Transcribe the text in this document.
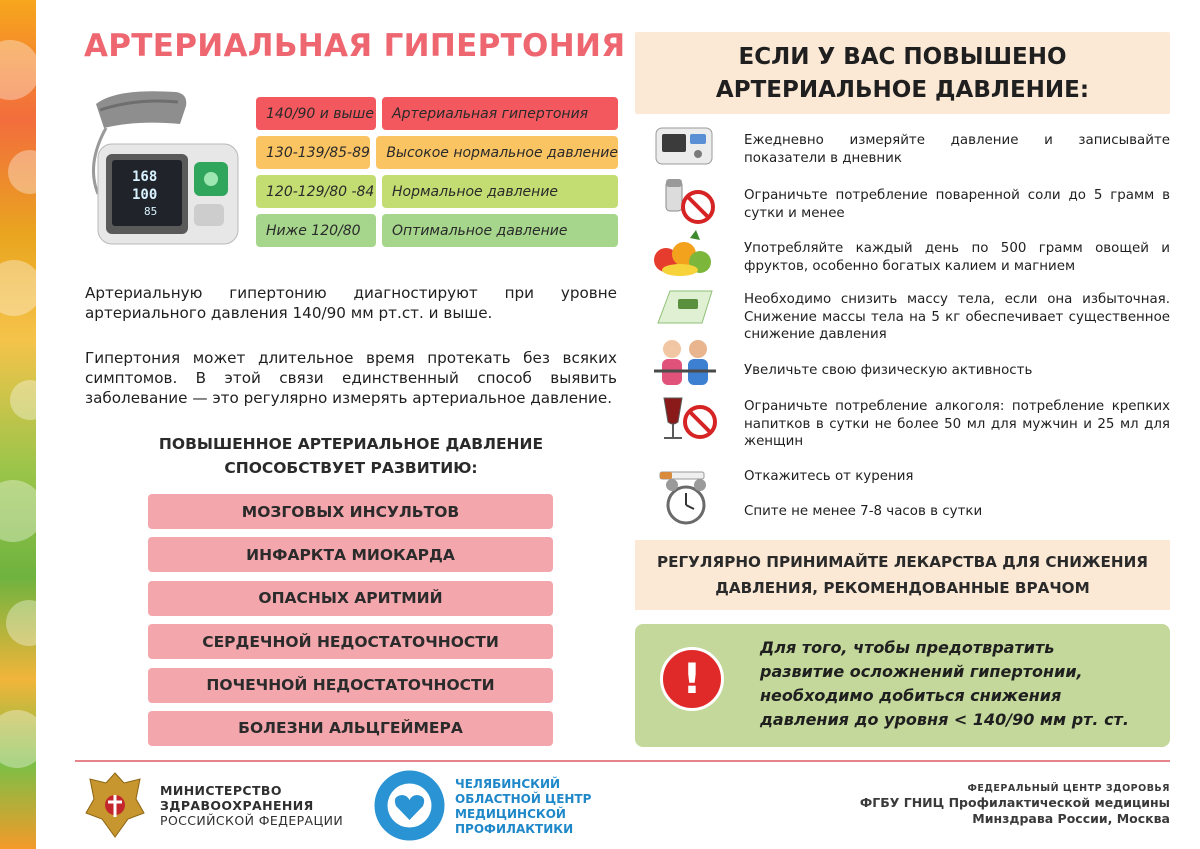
АРТЕРИАЛЬНАЯ ГИПЕРТОНИЯ
168
100
85
140/90 и выше	Артериальная гипертония
130-139/85-89	Высокое нормальное давление
120-129/80 -84	Нормальное давление
Ниже 120/80	Оптимальное давление

Артериальную гипертонию диагностируют при уровне артериального давления 140/90 мм рт.ст. и выше.

Гипертония может длительное время протекать без всяких симптомов. В этой связи единственный способ выявить заболевание — это регулярно измерять артериальное давление.

ПОВЫШЕННОЕ АРТЕРИАЛЬНОЕ ДАВЛЕНИЕ
СПОСОБСТВУЕТ РАЗВИТИЮ:
МОЗГОВЫХ ИНСУЛЬТОВ
ИНФАРКТА МИОКАРДА
ОПАСНЫХ АРИТМИЙ
СЕРДЕЧНОЙ НЕДОСТАТОЧНОСТИ
ПОЧЕЧНОЙ НЕДОСТАТОЧНОСТИ
БОЛЕЗНИ АЛЬЦГЕЙМЕРА
ЕСЛИ У ВАС ПОВЫШЕНО
АРТЕРИАЛЬНОЕ ДАВЛЕНИЕ:
Ежедневно измеряйте давление и записывайте показатели в дневник
Ограничьте потребление поваренной соли до 5 грамм в сутки и менее
Употребляйте каждый день по 500 грамм овощей и фруктов, особенно богатых калием и магнием
Необходимо снизить массу тела, если она избыточная. Снижение массы тела на 5 кг обеспечивает существенное снижение давления
Увеличьте свою физическую активность
Ограничьте потребление алкоголя: потребление крепких напитков в сутки не более 50 мл для мужчин и 25 мл для женщин
Откажитесь от курения
Спите не менее 7-8 часов в сутки
РЕГУЛЯРНО ПРИНИМАЙТЕ ЛЕКАРСТВА ДЛЯ СНИЖЕНИЯ
ДАВЛЕНИЯ, РЕКОМЕНДОВАННЫЕ ВРАЧОМ
!
Для того, чтобы предотвратить
развитие осложнений гипертонии,
необходимо добиться снижения
давления до уровня < 140/90 мм рт. ст.
МИНИСТЕРСТВО
ЗДРАВООХРАНЕНИЯ
РОССИЙСКОЙ ФЕДЕРАЦИИ
ЧЕЛЯБИНСКИЙ
ОБЛАСТНОЙ ЦЕНТР
МЕДИЦИНСКОЙ
ПРОФИЛАКТИКИ
ФЕДЕРАЛЬНЫЙ ЦЕНТР ЗДОРОВЬЯ
ФГБУ ГНИЦ Профилактической медицины
Минздрава России, Москва
